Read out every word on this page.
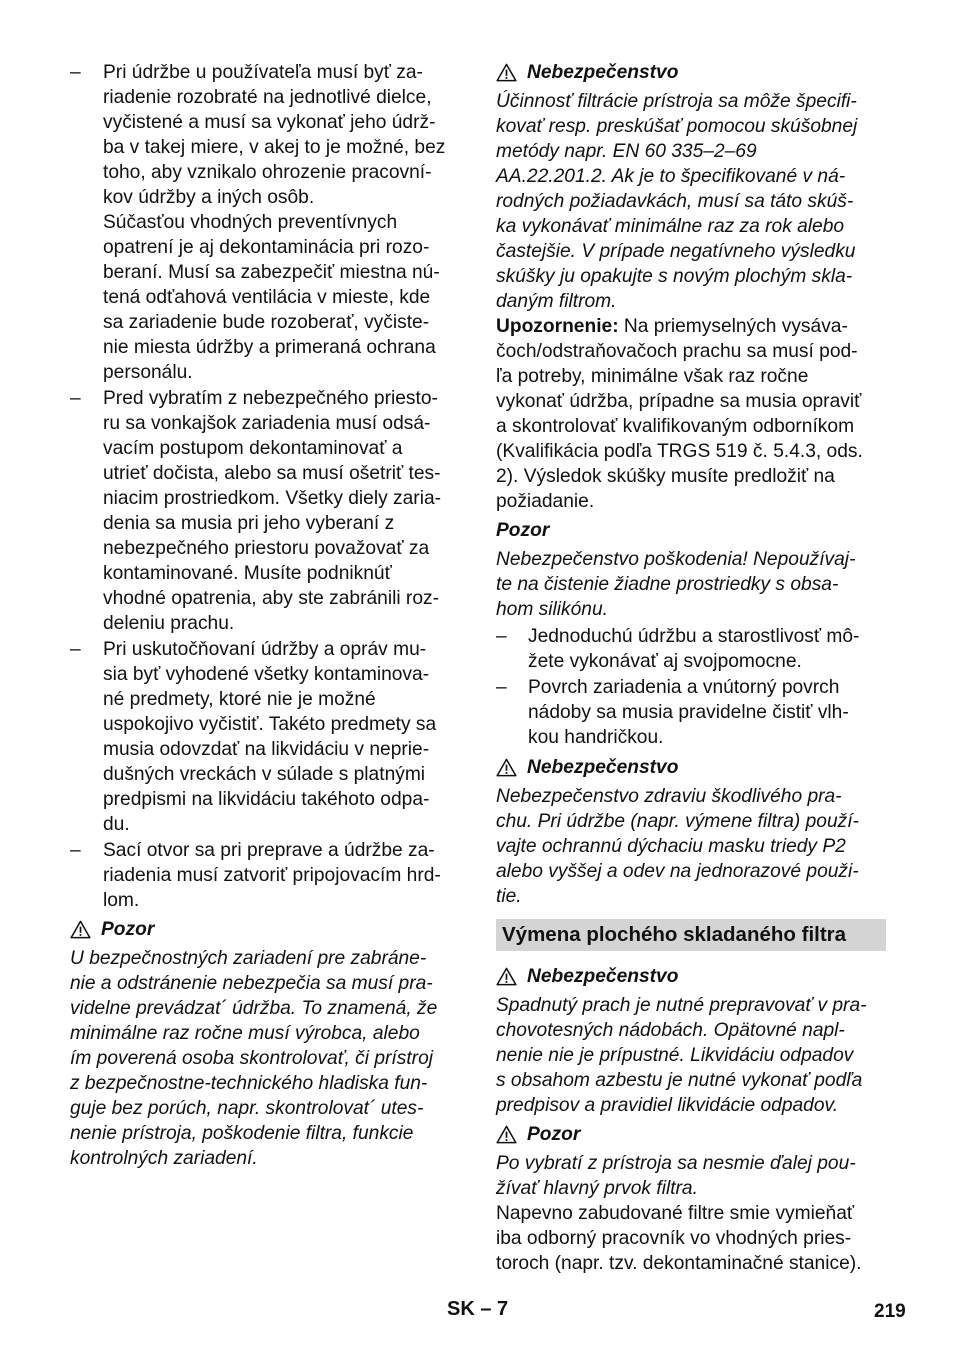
–	Pri údržbe u používateľa musí byť za-

riadenie rozobraté na jednotlivé dielce,

vyčistené a musí sa vykonať jeho údrž-

ba v takej miere, v akej to je možné, bez

toho, aby vznikalo ohrozenie pracovní-

kov údržby a iných osôb.

Súčasťou vhodných preventívnych

opatrení je aj dekontaminácia pri rozo-

beraní. Musí sa zabezpečiť miestna nú-

tená odťahová ventilácia v mieste, kde

sa zariadenie bude rozoberať, vyčiste-

nie miesta údržby a primeraná ochrana

personálu.

–	Pred vybratím z nebezpečného priesto-

ru sa vonkajšok zariadenia musí odsá-

vacím postupom dekontaminovať a

utrieť dočista, alebo sa musí ošetriť tes-

niacim prostriedkom. Všetky diely zaria-

denia sa musia pri jeho vyberaní z

nebezpečného priestoru považovať za

kontaminované. Musíte podniknúť

vhodné opatrenia, aby ste zabránili roz-

deleniu prachu.

–	Pri uskutočňovaní údržby a opráv mu-

sia byť vyhodené všetky kontaminova-

né predmety, ktoré nie je možné

uspokojivo vyčistiť. Takéto predmety sa

musia odovzdať na likvidáciu v neprie-

dušných vreckách v súlade s platnými

predpismi na likvidáciu takéhoto odpa-

du.

–	Sací otvor sa pri preprave a údržbe za-

riadenia musí zatvoriť pripojovacím hrd-

lom.

Pozor

U bezpečnostných zariadení pre zabráne-

nie a odstránenie nebezpečia sa musí pra-

videlne prevádzat´ údržba. To znamená, že

minimálne raz ročne musí výrobca, alebo

ím poverená osoba skontrolovať, či prístroj

z bezpečnostne-technického hladiska fun-

guje bez porúch, napr. skontrolovat´ utes-

nenie prístroja, poškodenie filtra, funkcie

kontrolných zariadení.

Nebezpečenstvo

Účinnosť filtrácie prístroja sa môže špecifi-

kovať resp. preskúšať pomocou skúšobnej

metódy napr. EN 60 335–2–69

AA.22.201.2. Ak je to špecifikované v ná-

rodných požiadavkách, musí sa táto skúš-

ka vykonávať minimálne raz za rok alebo

častejšie. V prípade negatívneho výsledku

skúšky ju opakujte s novým plochým skla-

daným filtrom.

Upozornenie: Na priemyselných vysáva-

čoch/odstraňovačoch prachu sa musí pod-

ľa potreby, minimálne však raz ročne

vykonať údržba, prípadne sa musia opraviť

a skontrolovať kvalifikovaným odborníkom

(Kvalifikácia podľa TRGS 519 č. 5.4.3, ods.

2). Výsledok skúšky musíte predložiť na

požiadanie.

Pozor

Nebezpečenstvo poškodenia! Nepoužívaj-

te na čistenie žiadne prostriedky s obsa-

hom silikónu.

–	Jednoduchú údržbu a starostlivosť mô-

žete vykonávať aj svojpomocne.

–	Povrch zariadenia a vnútorný povrch

nádoby sa musia pravidelne čistiť vlh-

kou handričkou.

Nebezpečenstvo

Nebezpečenstvo zdraviu škodlivého pra-

chu. Pri údržbe (napr. výmene filtra) použí-

vajte ochrannú dýchaciu masku triedy P2

alebo vyššej a odev na jednorazové použi-

tie.

Výmena plochého skladaného filtra
Nebezpečenstvo

Spadnutý prach je nutné prepravovať v pra-

chovotesných nádobách. Opätovné napl-

nenie nie je prípustné. Likvidáciu odpadov

s obsahom azbestu je nutné vykonať podľa

predpisov a pravidiel likvidácie odpadov.

Pozor

Po vybratí z prístroja sa nesmie ďalej pou-

žívať hlavný prvok filtra.

Napevno zabudované filtre smie vymieňať

iba odborný pracovník vo vhodných pries-

toroch (napr. tzv. dekontaminačné stanice).

SK – 7	219
